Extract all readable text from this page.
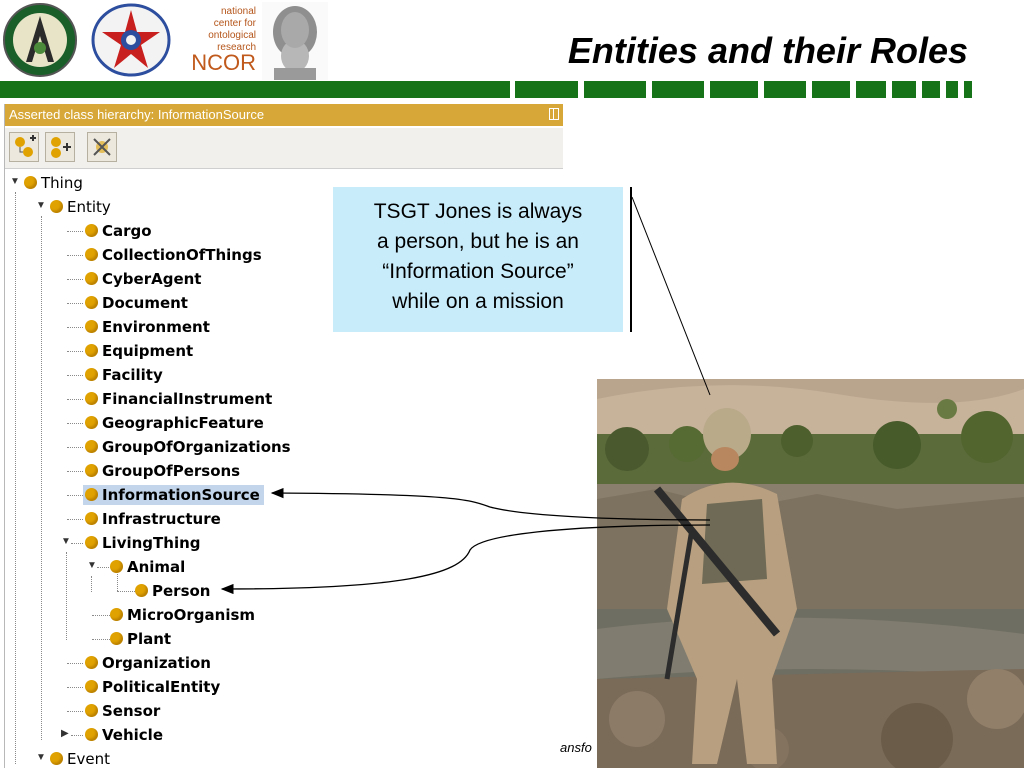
national
center for
ontological
research
NCOR	Entities and their Roles
Asserted class hierarchy: InformationSource
▼	Thing
▼	Entity
Cargo
CollectionOfThings
CyberAgent
Document
Environment
Equipment
Facility
FinancialInstrument
GeographicFeature
GroupOfOrganizations
GroupOfPersons
InformationSource
Infrastructure
▼	LivingThing
▼	Animal
Person
MicroOrganism
Plant
Organization
PoliticalEntity
Sensor
▶	Vehicle
▼	Event
TSGT Jones is always
a person, but he is an
“Information Source”
while on a mission
ansfo
